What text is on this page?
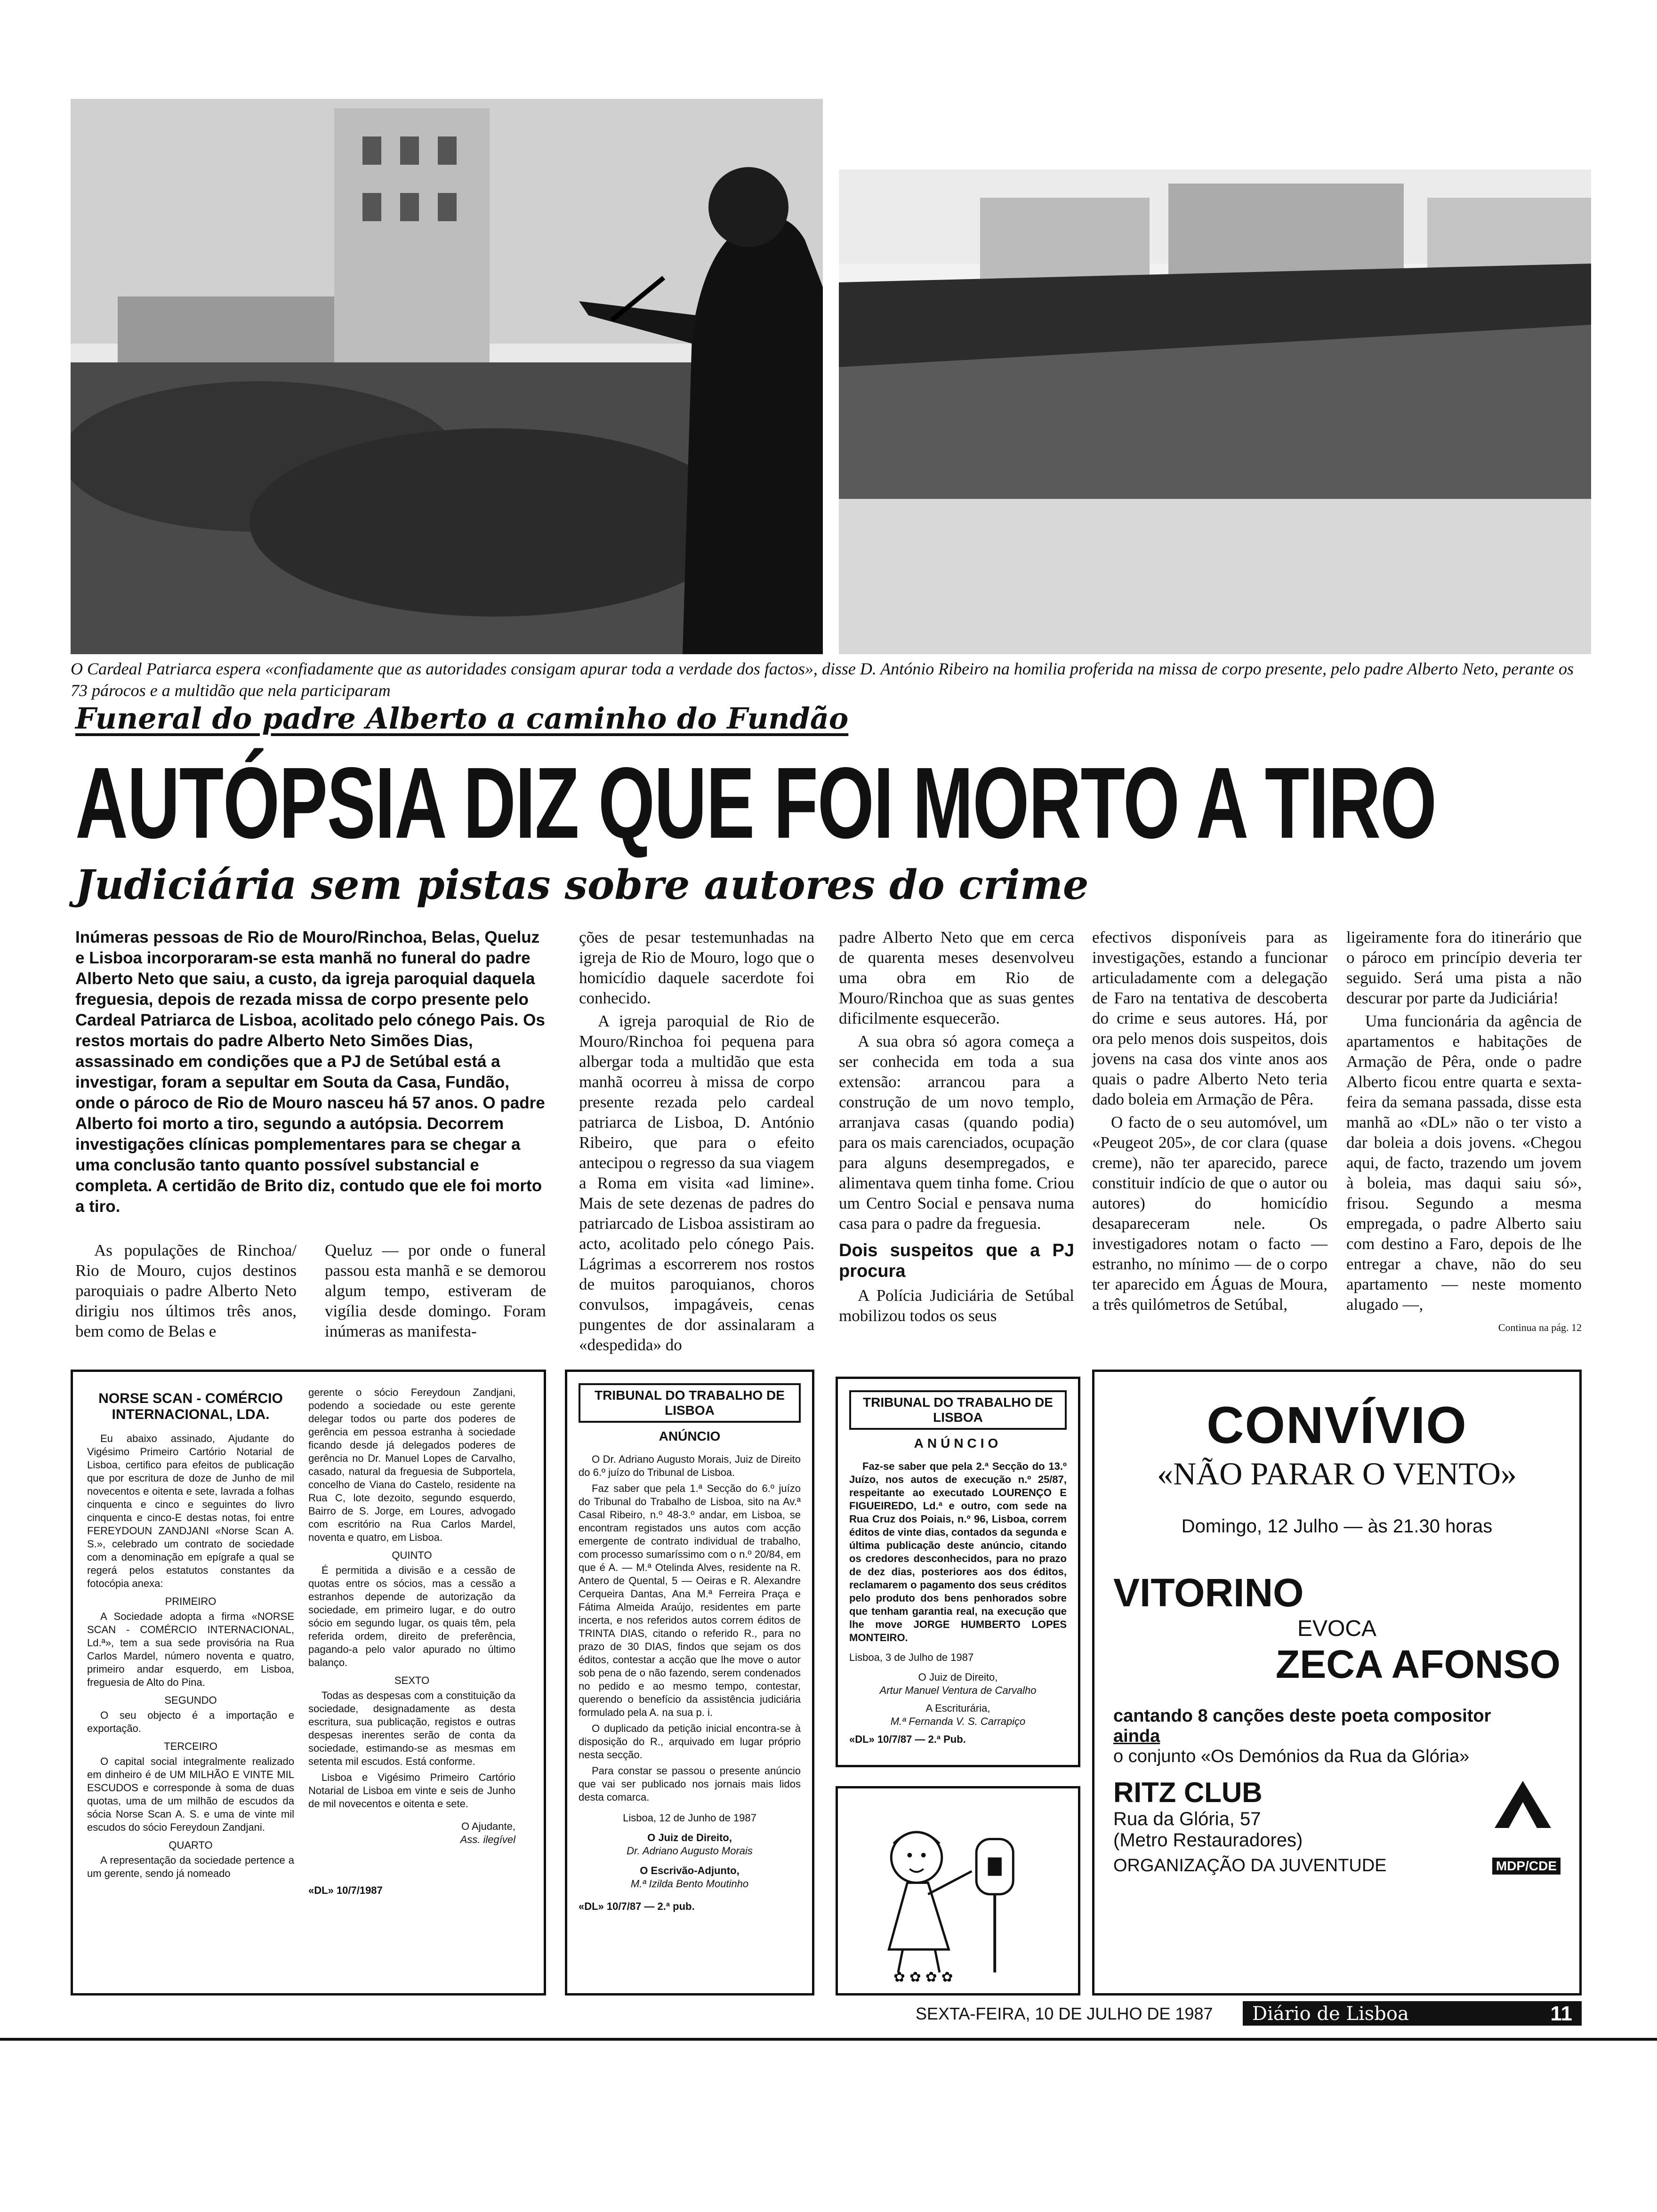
O Cardeal Patriarca espera «confiadamente que as autoridades consigam apurar toda a verdade dos factos», disse D. António Ribeiro na homilia proferida na missa de corpo presente, pelo padre Alberto Neto, perante os 73 párocos e a multidão que nela participaram
Funeral do padre Alberto a caminho do Fundão
AUTÓPSIA DIZ QUE FOI MORTO A TIRO
Judiciária sem pistas sobre autores do crime
Inúmeras pessoas de Rio de Mouro/Rinchoa, Belas, Queluz e Lisboa incorporaram-se esta manhã no funeral do padre Alberto Neto que saiu, a custo, da igreja paroquial daquela freguesia, depois de rezada missa de corpo presente pelo Cardeal Patriarca de Lisboa, acolitado pelo cónego Pais. Os restos mortais do padre Alberto Neto Simões Dias, assassinado em condições que a PJ de Setúbal está a investigar, foram a sepultar em Souta da Casa, Fundão, onde o pároco de Rio de Mouro nasceu há 57 anos. O padre Alberto foi morto a tiro, segundo a autópsia. Decorrem investigações clínicas pomplementares para se chegar a uma conclusão tanto quanto possível substancial e completa. A certidão de Brito diz, contudo que ele foi morto a tiro.

As populações de Rinchoa/ Rio de Mouro, cujos destinos paroquiais o padre Alberto Neto dirigiu nos últimos três anos, bem como de Belas e

Queluz — por onde o funeral passou esta manhã e se demorou algum tempo, estiveram de vigília desde domingo. Foram inúmeras as manifesta-

ções de pesar testemunhadas na igreja de Rio de Mouro, logo que o homicídio daquele sacerdote foi conhecido.

A igreja paroquial de Rio de Mouro/Rinchoa foi pequena para albergar toda a multidão que esta manhã ocorreu à missa de corpo presente rezada pelo cardeal patriarca de Lisboa, D. António Ribeiro, que para o efeito antecipou o regresso da sua viagem a Roma em visita «ad limine». Mais de sete dezenas de padres do patriarcado de Lisboa assistiram ao acto, acolitado pelo cónego Pais. Lágrimas a escorrerem nos rostos de muitos paroquianos, choros convulsos, impagáveis, cenas pungentes de dor assinalaram a «despedida» do

padre Alberto Neto que em cerca de quarenta meses desenvolveu uma obra em Rio de Mouro/Rinchoa que as suas gentes dificilmente esquecerão.

A sua obra só agora começa a ser conhecida em toda a sua extensão: arrancou para a construção de um novo templo, arranjava casas (quando podia) para os mais carenciados, ocupação para alguns desempregados, e alimentava quem tinha fome. Criou um Centro Social e pensava numa casa para o padre da freguesia.

Dois suspeitos que a PJ procura

A Polícia Judiciária de Setúbal mobilizou todos os seus

efectivos disponíveis para as investigações, estando a funcionar articuladamente com a delegação de Faro na tentativa de descoberta do crime e seus autores. Há, por ora pelo menos dois suspeitos, dois jovens na casa dos vinte anos aos quais o padre Alberto Neto teria dado boleia em Armação de Pêra.

O facto de o seu automóvel, um «Peugeot 205», de cor clara (quase creme), não ter aparecido, parece constituir indício de que o autor ou autores) do homicídio desapareceram nele. Os investigadores notam o facto — estranho, no mínimo — de o corpo ter aparecido em Águas de Moura, a três quilómetros de Setúbal,

ligeiramente fora do itinerário que o pároco em princípio deveria ter seguido. Será uma pista a não descurar por parte da Judiciária!

Uma funcionária da agência de apartamentos e habitações de Armação de Pêra, onde o padre Alberto ficou entre quarta e sexta-feira da semana passada, disse esta manhã ao «DL» não o ter visto a dar boleia a dois jovens. «Chegou aqui, de facto, trazendo um jovem à boleia, mas daqui saiu só», frisou. Segundo a mesma empregada, o padre Alberto saiu com destino a Faro, depois de lhe entregar a chave, não do seu apartamento — neste momento alugado —,

Continua na pág. 12
NORSE SCAN - COMÉRCIO
INTERNACIONAL, LDA.

Eu abaixo assinado, Ajudante do Vigésimo Primeiro Cartório Notarial de Lisboa, certifico para efeitos de publicação que por escritura de doze de Junho de mil novecentos e oitenta e sete, lavrada a folhas cinquenta e cinco e seguintes do livro cinquenta e cinco-E destas notas, foi entre FEREYDOUN ZANDJANI «Norse Scan A. S.», celebrado um contrato de sociedade com a denominação em epígrafe a qual se regerá pelos estatutos constantes da fotocópia anexa:

PRIMEIRO

A Sociedade adopta a firma «NORSE SCAN - COMÉRCIO INTERNACIONAL, Ld.ª», tem a sua sede provisória na Rua Carlos Mardel, número noventa e quatro, primeiro andar esquerdo, em Lisboa, freguesia de Alto do Pina.

SEGUNDO

O seu objecto é a importação e exportação.

TERCEIRO

O capital social integralmente realizado em dinheiro é de UM MILHÃO E VINTE MIL ESCUDOS e corresponde à soma de duas quotas, uma de um milhão de escudos da sócia Norse Scan A. S. e uma de vinte mil escudos do sócio Fereydoun Zandjani.

QUARTO

A representação da sociedade pertence a um gerente, sendo já nomeado

gerente o sócio Fereydoun Zandjani, podendo a sociedade ou este gerente delegar todos ou parte dos poderes de gerência em pessoa estranha à sociedade ficando desde já delegados poderes de gerência no Dr. Manuel Lopes de Carvalho, casado, natural da freguesia de Subportela, concelho de Viana do Castelo, residente na Rua C, lote dezoito, segundo esquerdo, Bairro de S. Jorge, em Loures, advogado com escritório na Rua Carlos Mardel, noventa e quatro, em Lisboa.

QUINTO

É permitida a divisão e a cessão de quotas entre os sócios, mas a cessão a estranhos depende de autorização da sociedade, em primeiro lugar, e do outro sócio em segundo lugar, os quais têm, pela referida ordem, direito de preferência, pagando-a pelo valor apurado no último balanço.

SEXTO

Todas as despesas com a constituição da sociedade, designadamente as desta escritura, sua publicação, registos e outras despesas inerentes serão de conta da sociedade, estimando-se as mesmas em setenta mil escudos. Está conforme.

Lisboa e Vigésimo Primeiro Cartório Notarial de Lisboa em vinte e seis de Junho de mil novecentos e oitenta e sete.

O Ajudante,
Ass. ilegível
«DL» 10/7/1987
TRIBUNAL DO TRABALHO DE LISBOA
ANÚNCIO

O Dr. Adriano Augusto Morais, Juiz de Direito do 6.º juízo do Tribunal de Lisboa.

Faz saber que pela 1.ª Secção do 6.º juízo do Tribunal do Trabalho de Lisboa, sito na Av.ª Casal Ribeiro, n.º 48-3.º andar, em Lisboa, se encontram registados uns autos com acção emergente de contrato individual de trabalho, com processo sumaríssimo com o n.º 20/84, em que é A. — M.ª Otelinda Alves, residente na R. Antero de Quental, 5 — Oeiras e R. Alexandre Cerqueira Dantas, Ana M.ª Ferreira Praça e Fátima Almeida Araújo, residentes em parte incerta, e nos referidos autos correm éditos de TRINTA DIAS, citando o referido R., para no prazo de 30 DIAS, findos que sejam os dos éditos, contestar a acção que lhe move o autor sob pena de o não fazendo, serem condenados no pedido e ao mesmo tempo, contestar, querendo o benefício da assistência judiciária formulado pela A. na sua p. i.

O duplicado da petição inicial encontra-se à disposição do R., arquivado em lugar próprio nesta secção.

Para constar se passou o presente anúncio que vai ser publicado nos jornais mais lidos desta comarca.

Lisboa, 12 de Junho de 1987
O Juiz de Direito,
Dr. Adriano Augusto Morais
O Escrivão-Adjunto,
M.ª Izilda Bento Moutinho
«DL» 10/7/87 — 2.ª pub.
TRIBUNAL DO TRABALHO DE LISBOA
ANÚNCIO

Faz-se saber que pela 2.ª Secção do 13.º Juízo, nos autos de execução n.º 25/87, respeitante ao executado LOURENÇO E FIGUEIREDO, Ld.ª e outro, com sede na Rua Cruz dos Poiais, n.º 96, Lisboa, correm éditos de vinte dias, contados da segunda e última publicação deste anúncio, citando os credores desconhecidos, para no prazo de dez dias, posteriores aos dos éditos, reclamarem o pagamento dos seus créditos pelo produto dos bens penhorados sobre que tenham garantia real, na execução que lhe move JORGE HUMBERTO LOPES MONTEIRO.

Lisboa, 3 de Julho de 1987
O Juiz de Direito,
Artur Manuel Ventura de Carvalho
A Escriturária,
M.ª Fernanda V. S. Carrapiço
«DL» 10/7/87 — 2.ª Pub.
✿ ✿ ✿ ✿
CONVÍVIO
«NÃO PARAR O VENTO»
Domingo, 12 Julho — às 21.30 horas
VITORINO
EVOCA
ZECA AFONSO
cantando 8 canções deste poeta compositor
ainda
o conjunto «Os Demónios da Rua da Glória»
RITZ CLUB
Rua da Glória, 57
(Metro Restauradores)
ORGANIZAÇÃO DA JUVENTUDE	MDP/CDE
SEXTA-FEIRA, 10 DE JULHO DE 1987 Diário de Lisboa	11
